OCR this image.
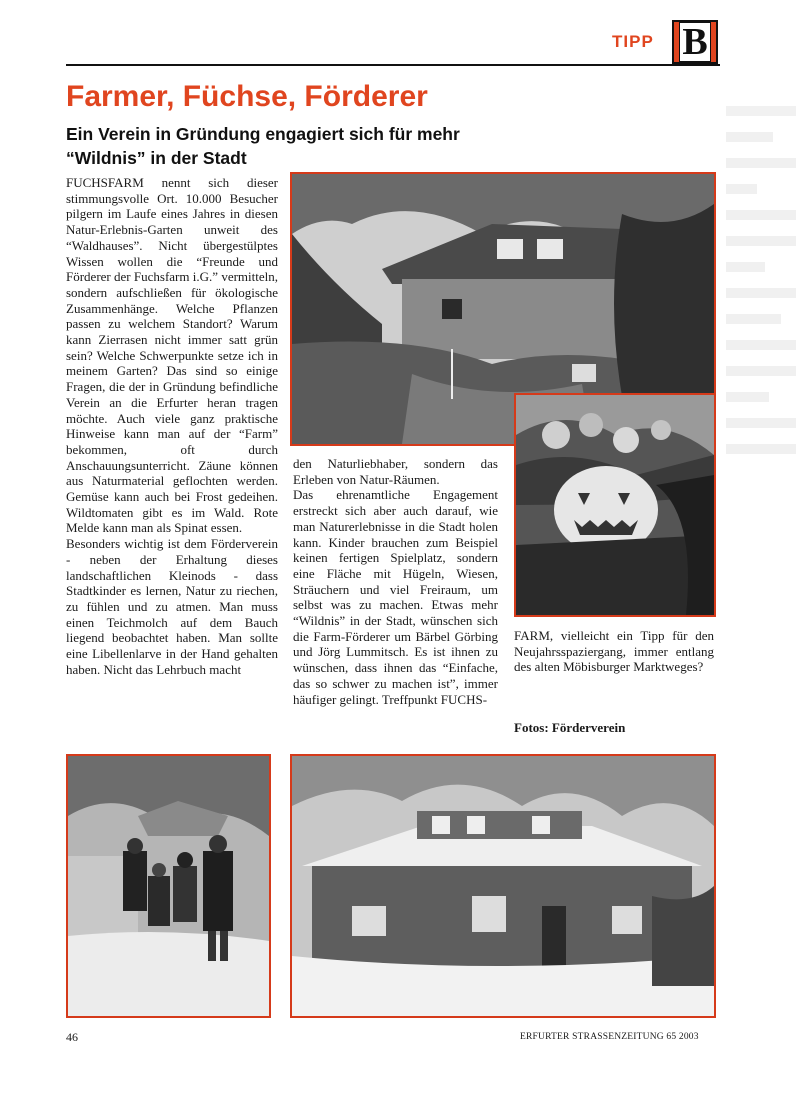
TIPP B
Farmer, Füchse, Förderer
Ein Verein in Gründung engagiert sich für mehr “Wildnis” in der Stadt

FUCHSFARM nennt sich dieser stimmungsvolle Ort. 10.000 Besucher pilgern im Laufe eines Jahres in diesen Natur-Erlebnis-Garten unweit des “Waldhauses”. Nicht übergestülptes Wissen wollen die “Freunde und Förderer der Fuchsfarm i.G.” vermitteln, sondern aufschließen für ökologische Zusammenhänge. Welche Pflanzen passen zu welchem Standort? Warum kann Zierrasen nicht immer satt grün sein? Welche Schwerpunkte setze ich in meinem Garten? Das sind so einige Fragen, die der in Gründung befindliche Verein an die Erfurter heran tragen möchte. Auch viele ganz praktische Hinweise kann man auf der “Farm” bekommen, oft durch Anschauungsunterricht. Zäune können aus Naturmaterial geflochten werden. Gemüse kann auch bei Frost gedeihen. Wildtomaten gibt es im Wald. Rote Melde kann man als Spinat essen.

Besonders wichtig ist dem Förderverein - neben der Erhaltung dieses landschaftlichen Kleinods - dass Stadtkinder es lernen, Natur zu riechen, zu fühlen und zu atmen. Man muss einen Teichmolch auf dem Bauch liegend beobachtet haben. Man sollte eine Libellenlarve in der Hand gehalten haben. Nicht das Lehrbuch macht

den Naturliebhaber, sondern das Erleben von Natur-Räumen.

Das ehrenamtliche Engagement erstreckt sich aber auch darauf, wie man Naturerlebnisse in die Stadt holen kann. Kinder brauchen zum Beispiel keinen fertigen Spielplatz, sondern eine Fläche mit Hügeln, Wiesen, Sträuchern und viel Freiraum, um selbst was zu machen. Etwas mehr “Wildnis” in der Stadt, wünschen sich die Farm-Förderer um Bärbel Görbing und Jörg Lummitsch. Es ist ihnen zu wünschen, dass ihnen das “Einfache, das so schwer zu machen ist”, immer häufiger gelingt. Treffpunkt FUCHS-

FARM, vielleicht ein Tipp für den Neujahrsspaziergang, immer entlang des alten Möbisburger Marktweges?

Fotos: Förderverein
46	ERFURTER STRASSENZEITUNG 65 2003
